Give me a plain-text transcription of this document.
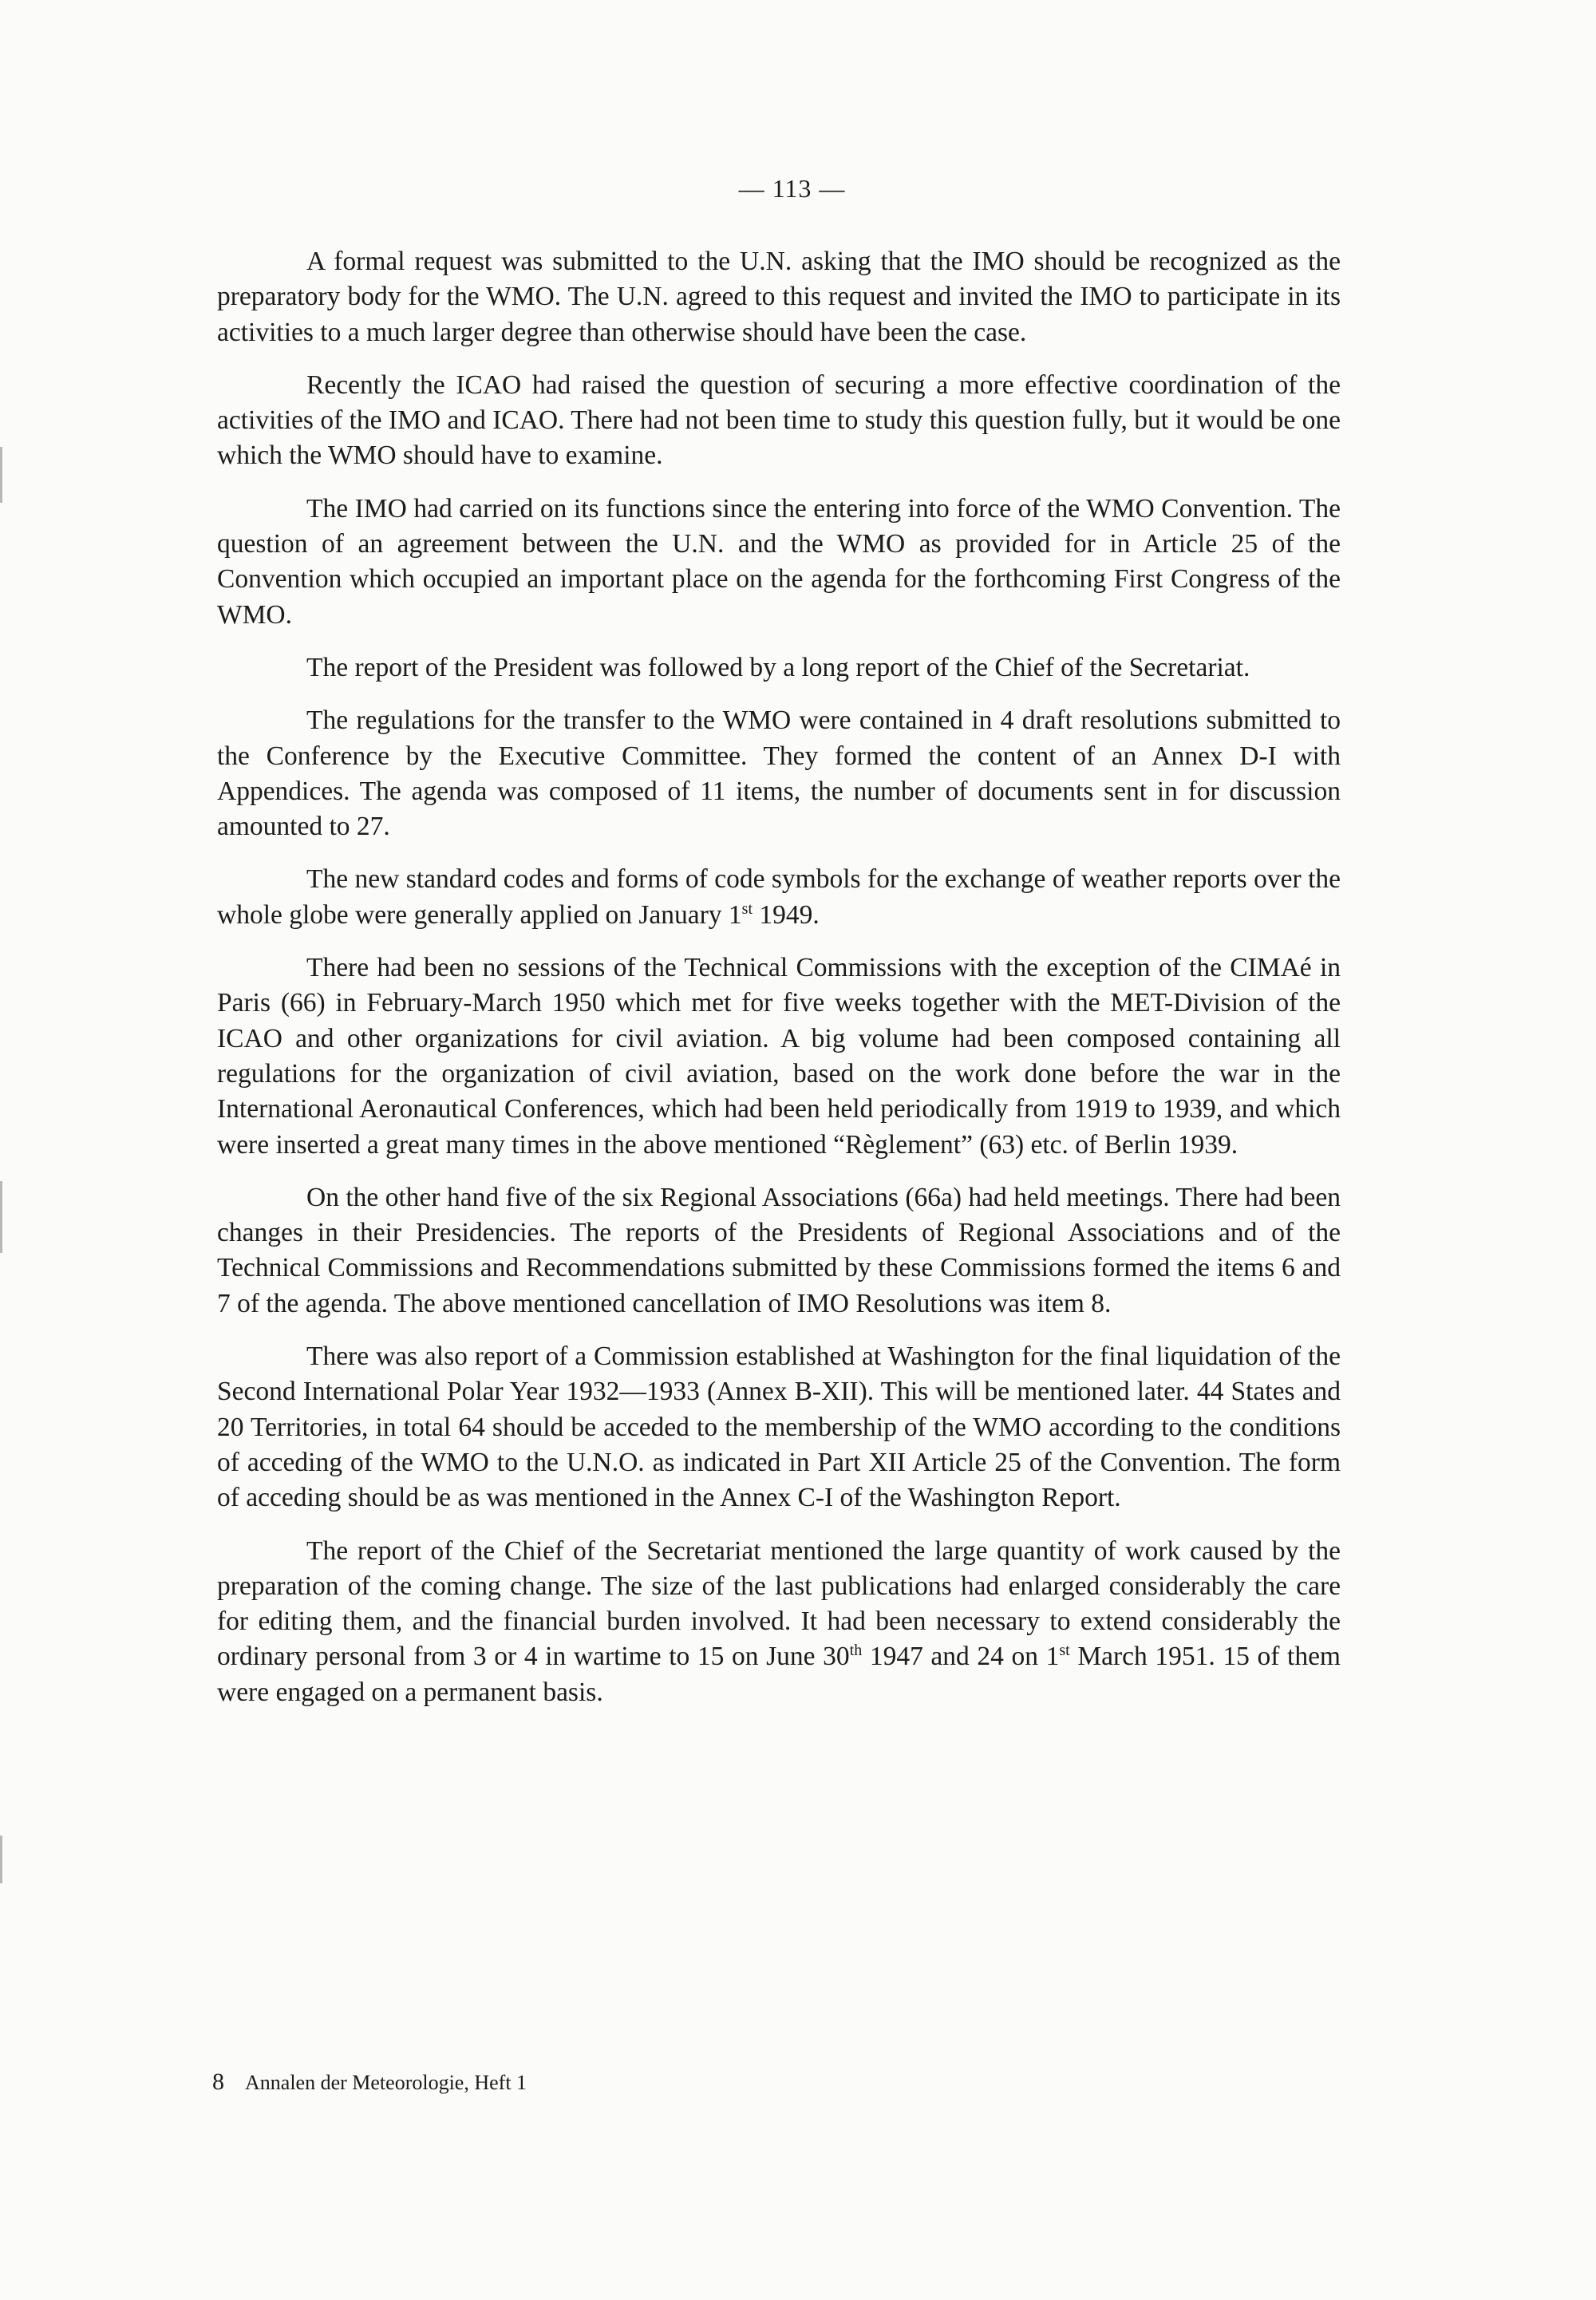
— 113 —

A formal request was submitted to the U.N. asking that the IMO should be recognized as the preparatory body for the WMO. The U.N. agreed to this request and invited the IMO to participate in its activities to a much larger degree than otherwise should have been the case.

Recently the ICAO had raised the question of securing a more effective coordination of the activities of the IMO and ICAO. There had not been time to study this question fully, but it would be one which the WMO should have to examine.

The IMO had carried on its functions since the entering into force of the WMO Convention. The question of an agreement between the U.N. and the WMO as provided for in Article 25 of the Convention which occupied an important place on the agenda for the forthcoming First Congress of the WMO.

The report of the President was followed by a long report of the Chief of the Secretariat.

The regulations for the transfer to the WMO were contained in 4 draft resolutions submitted to the Conference by the Executive Committee. They formed the content of an Annex D-I with Appendices. The agenda was composed of 11 items, the number of documents sent in for discussion amounted to 27.

The new standard codes and forms of code symbols for the exchange of weather reports over the whole globe were generally applied on January 1st 1949.

There had been no sessions of the Technical Commissions with the exception of the CIMAé in Paris (66) in February-March 1950 which met for five weeks together with the MET-Division of the ICAO and other organizations for civil aviation. A big volume had been composed containing all regulations for the organization of civil aviation, based on the work done before the war in the International Aeronautical Conferences, which had been held periodically from 1919 to 1939, and which were inserted a great many times in the above mentioned “Règlement” (63) etc. of Berlin 1939.

On the other hand five of the six Regional Associations (66a) had held meetings. There had been changes in their Presidencies. The reports of the Presidents of Regional Associations and of the Technical Commissions and Recommendations submitted by these Commissions formed the items 6 and 7 of the agenda. The above mentioned cancellation of IMO Resolutions was item 8.

There was also report of a Commission established at Washington for the final liquidation of the Second International Polar Year 1932—1933 (Annex B-XII). This will be mentioned later. 44 States and 20 Territories, in total 64 should be acceded to the membership of the WMO according to the conditions of acceding of the WMO to the U.N.O. as indicated in Part XII Article 25 of the Convention. The form of acceding should be as was mentioned in the Annex C-I of the Washington Report.

The report of the Chief of the Secretariat mentioned the large quantity of work caused by the preparation of the coming change. The size of the last publications had enlarged considerably the care for editing them, and the financial burden involved. It had been necessary to extend considerably the ordinary personal from 3 or 4 in wartime to 15 on June 30th 1947 and 24 on 1st March 1951. 15 of them were engaged on a permanent basis.

8 Annalen der Meteorologie, Heft 1
